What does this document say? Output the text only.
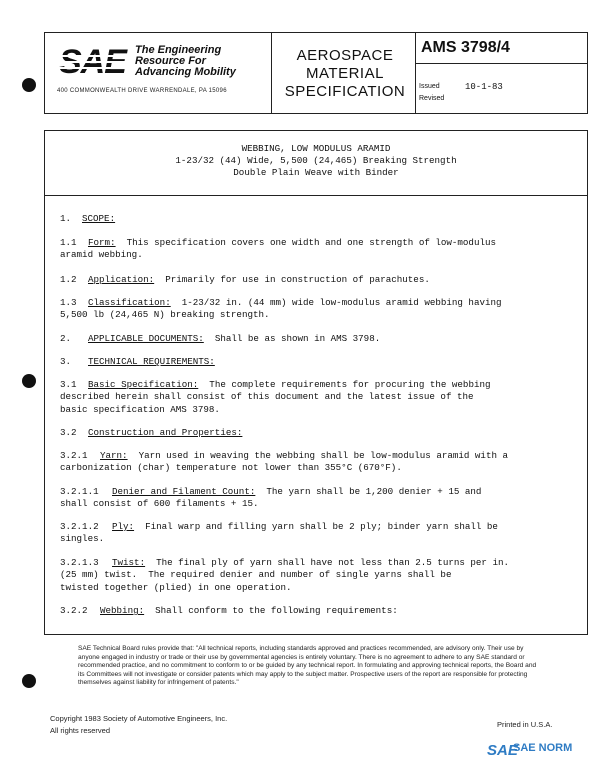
The Engineering
Resource For
Advancing Mobility
400 COMMONWEALTH DRIVE WARRENDALE, PA 15096
AEROSPACE
MATERIAL
SPECIFICATION
AMS 3798/4
Issued	10-1-83
Revised
WEBBING, LOW MODULUS ARAMID
1-23/32 (44) Wide, 5,500 (24,465) Breaking Strength
Double Plain Weave with Binder
1. SCOPE:
1.1	Form:  This specification covers one width and one strength of low-modulus
aramid webbing.
1.2	Application:  Primarily for use in construction of parachutes.
1.3	Classification:  1-23/32 in. (44 mm) wide low-modulus aramid webbing having
5,500 lb (24,465 N) breaking strength.
2.	APPLICABLE DOCUMENTS:  Shall be as shown in AMS 3798.
3. TECHNICAL REQUIREMENTS:
3.1	Basic Specification:  The complete requirements for procuring the webbing
described herein shall consist of this document and the latest issue of the
basic specification AMS 3798.
3.2 Construction and Properties:
3.2.1	Yarn:  Yarn used in weaving the webbing shall be low-modulus aramid with a
carbonization (char) temperature not lower than 355°C (670°F).
3.2.1.1	Denier and Filament Count:  The yarn shall be 1,200 denier + 15 and
shall consist of 600 filaments + 15.
3.2.1.2	Ply:  Final warp and filling yarn shall be 2 ply; binder yarn shall be
singles.
3.2.1.3	Twist:  The final ply of yarn shall have not less than 2.5 turns per in.
(25 mm) twist.  The required denier and number of single yarns shall be
twisted together (plied) in one operation.
3.2.2	Webbing:  Shall conform to the following requirements:
SAE Technical Board rules provide that: "All technical reports, including standards approved and practices recommended, are advisory only. Their use by anyone engaged in industry or trade or their use by governmental agencies is entirely voluntary. There is no agreement to adhere to any SAE standard or recommended practice, and no commitment to conform to or be guided by any technical report. In formulating and approving technical reports, the Board and its Committees will not investigate or consider patents which may apply to the subject matter. Prospective users of the report are responsible for protecting themselves against liability for infringement of patents."
Copyright 1983 Society of Automotive Engineers, Inc.
All rights reserved
Printed in U.S.A.
SAE
SAE NORM
